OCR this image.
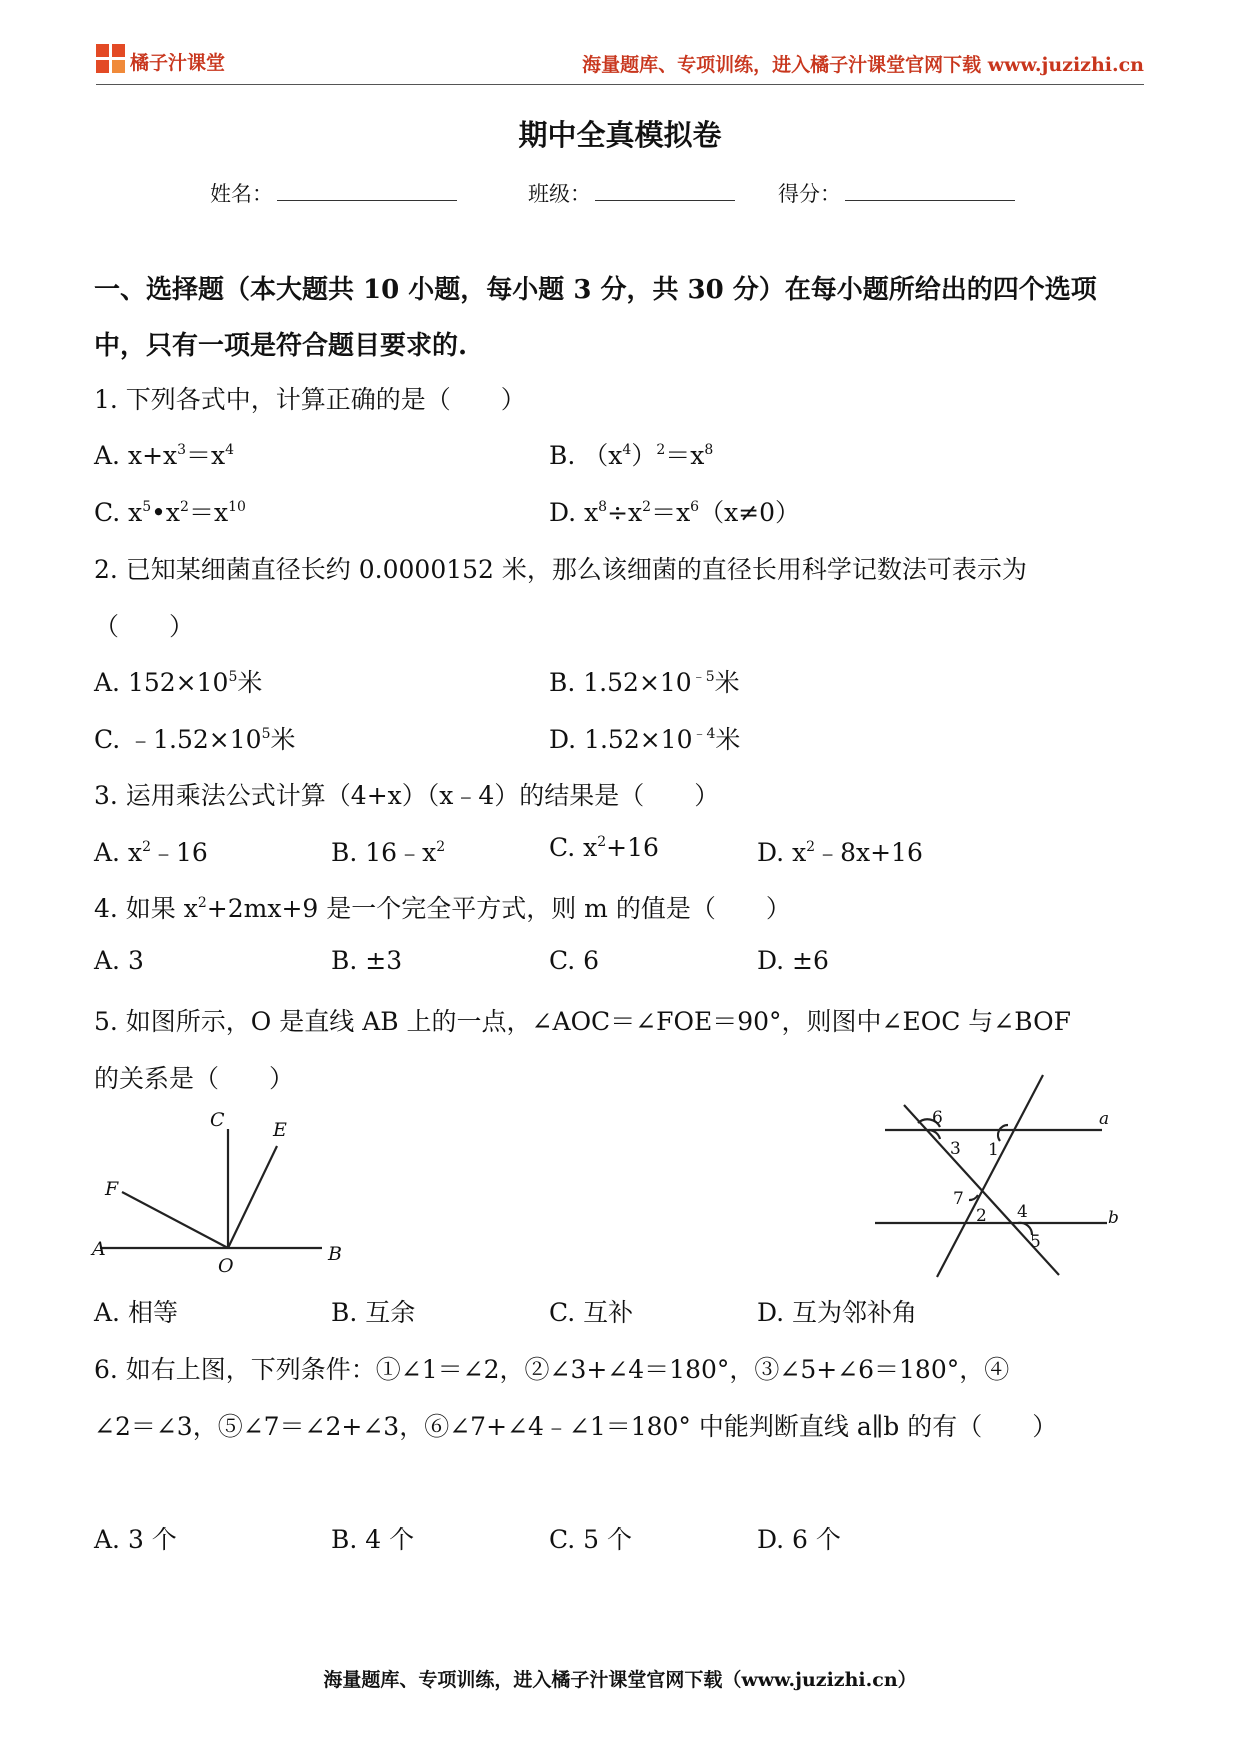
橘子汁课堂	海量题库、专项训练，进入橘子汁课堂官网下载 www.juzizhi.cn
期中全真模拟卷
姓名：	班级：	得分：
一、选择题（本大题共 10 小题，每小题 3 分，共 30 分）在每小题所给出的四个选项中，只有一项是符合题目要求的.
1. 下列各式中，计算正确的是（　　）
A. $x+x^3=x^4$	B. $(x^4)^2=x^8$
C. $x^5•x^2=x^{10}$	D. $x^8\div x^2=x^6(x\ne 0)$
2. 已知某细菌直径长约 0.0000152 米，那么该细菌的直径长用科学记数法可表示为
（　　）
A. $152\times 10^5$米	B. $1.52\times 10^{﹣5}$米
C. $﹣1.52\times 10^5$米	D. $1.52\times 10^{﹣4}$米
3. 运用乘法公式计算（4+x）（x﹣4）的结果是（　　）
A. $x^2﹣16$	B. $16﹣x^2$	C. $x^2+16$	D. $x^2﹣8x+16$
4. 如果 $x^2+2mx+9$ 是一个完全平方式，则 m 的值是（　　）
A. 3	B. ±3	C. 6	D. ±6
5. 如图所示，O 是直线 AB 上的一点，∠AOC＝∠FOE＝90°，则图中∠EOC 与∠BOF
的关系是（　　）
C	E
F
A
O
B
6
3 1
7
2 4
5
a
b
A. 相等	B. 互余	C. 互补	D. 互为邻补角
6. 如右上图，下列条件：①∠1＝∠2，②∠3+∠4＝180°，③∠5+∠6＝180°，④
∠2＝∠3，⑤∠7＝∠2+∠3，⑥∠7+∠4﹣∠1＝180° 中能判断直线 a∥b 的有（　　）
A. 3 个	B. 4 个	C. 5 个	D. 6 个
海量题库、专项训练，进入橘子汁课堂官网下载（www.juzizhi.cn）
